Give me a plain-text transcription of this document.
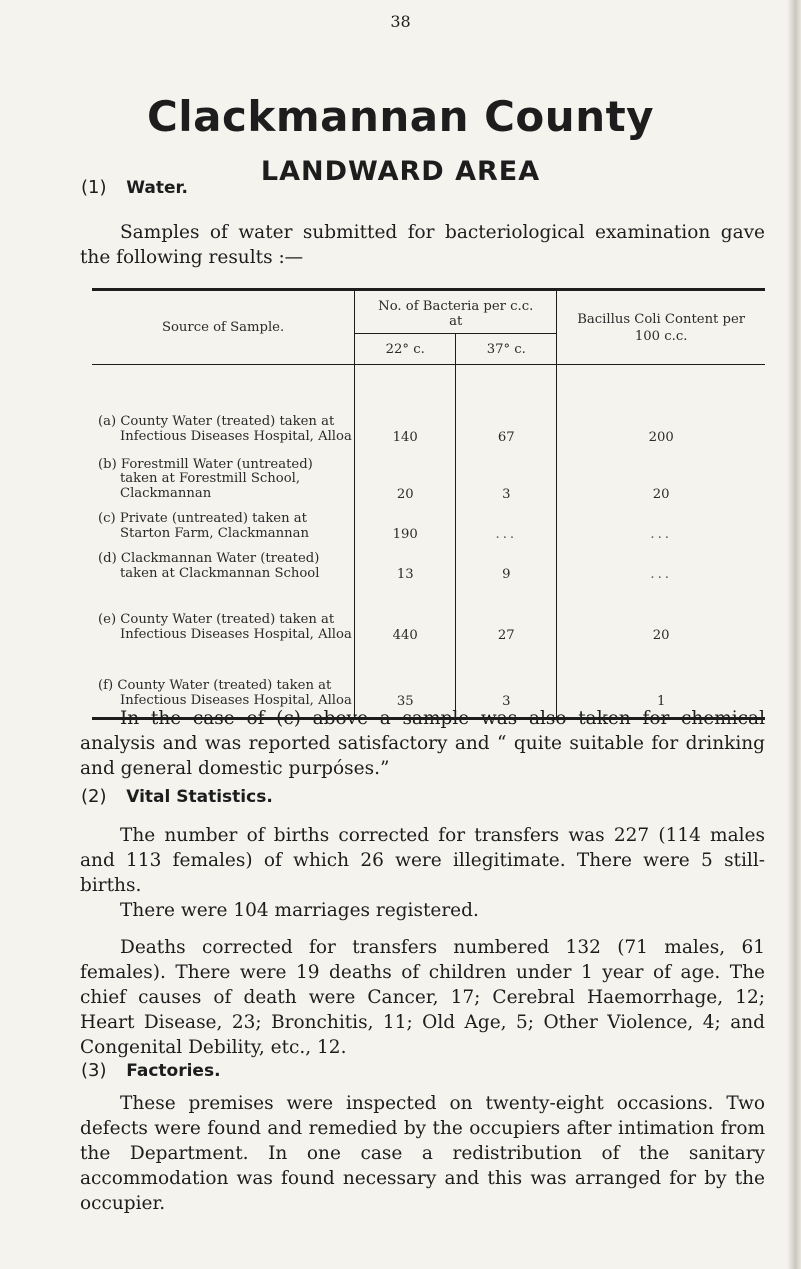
38
Clackmannan County
LANDWARD AREA
(1) Water.

Samples of water submitted for bacteriological examination gave the following results :—

Source of Sample.	No. of Bacteria per c.c. at		Bacillus Coli Content per 100 c.c.
	22° c.	37° c.	

(a) County Water (treated) taken at Infectious Diseases Hospital, Alloa	140	67	200

(b) Forestmill Water (untreated) taken at Forestmill School, Clackmannan	20	3	20

(c) Private (untreated) taken at Starton Farm, Clackmannan	190	...	...

(d) Clackmannan Water (treated) taken at Clackmannan School	13	9	...

(e) County Water (treated) taken at Infectious Diseases Hospital, Alloa	440	27	20

(f) County Water (treated) taken at Infectious Diseases Hospital, Alloa	35	3	1

In the case of (c) above a sample was also taken for chemical analysis and was reported satisfactory and “ quite suitable for drinking and general domestic purpóses.”

(2) Vital Statistics.

The number of births corrected for transfers was 227 (114 males and 113 females) of which 26 were illegitimate. There were 5 still-births.

There were 104 marriages registered.

Deaths corrected for transfers numbered 132 (71 males, 61 females). There were 19 deaths of children under 1 year of age. The chief causes of death were Cancer, 17; Cerebral Haemorrhage, 12; Heart Disease, 23; Bronchitis, 11; Old Age, 5; Other Violence, 4; and Congenital Debility, etc., 12.

(3) Factories.

These premises were inspected on twenty-eight occasions. Two defects were found and remedied by the occupiers after intimation from the Department. In one case a redistribution of the sanitary accommodation was found necessary and this was arranged for by the occupier.
